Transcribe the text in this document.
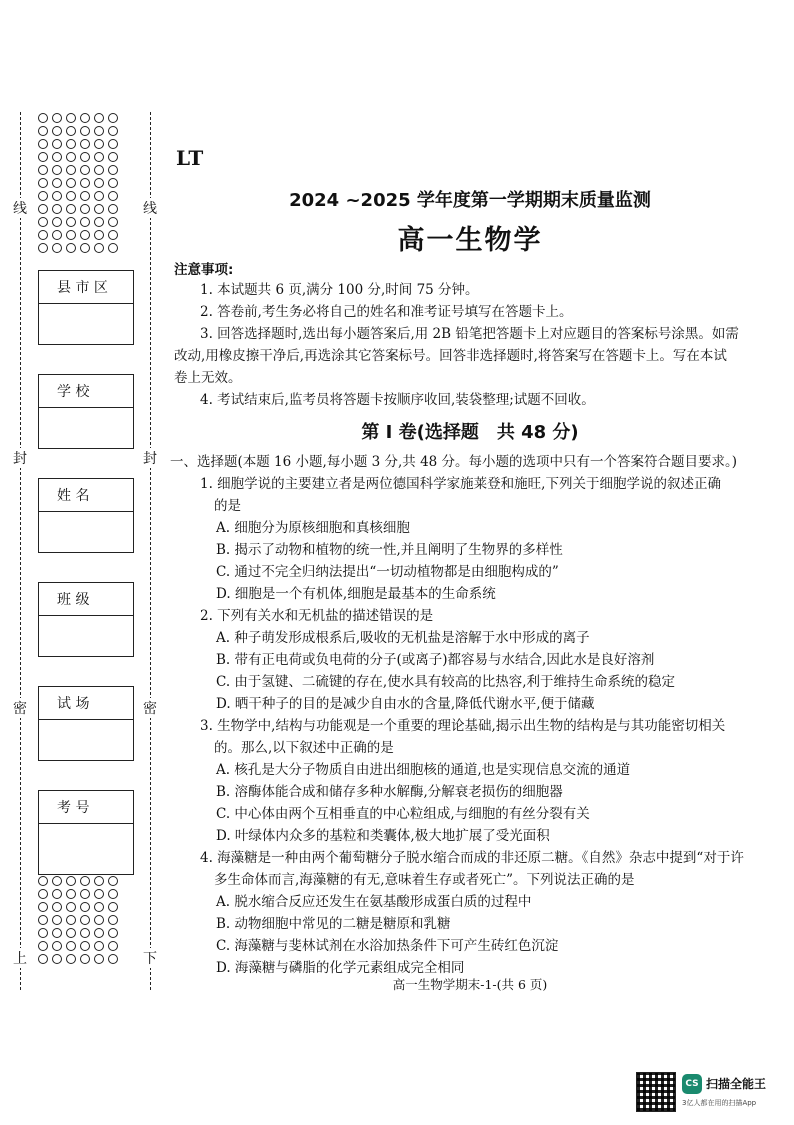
线	线
封	封
密	密
上	下
县 市 区
学 校
姓 名
班 级
试 场
考 号
LT
2024 ~2025 学年度第一学期期末质量监测
高一生物学
注意事项:
1. 本试题共 6 页,满分 100 分,时间 75 分钟。
2. 答卷前,考生务必将自己的姓名和准考证号填写在答题卡上。
3. 回答选择题时,选出每小题答案后,用 2B 铅笔把答题卡上对应题目的答案标号涂黑。如需
改动,用橡皮擦干净后,再选涂其它答案标号。回答非选择题时,将答案写在答题卡上。写在本试
卷上无效。
4. 考试结束后,监考员将答题卡按顺序收回,装袋整理;试题不回收。
第 I 卷(选择题　共 48 分)
一、选择题(本题 16 小题,每小题 3 分,共 48 分。每小题的选项中只有一个答案符合题目要求。)
1. 细胞学说的主要建立者是两位德国科学家施莱登和施旺,下列关于细胞学说的叙述正确
的是
A. 细胞分为原核细胞和真核细胞
B. 揭示了动物和植物的统一性,并且阐明了生物界的多样性
C. 通过不完全归纳法提出“一切动植物都是由细胞构成的”
D. 细胞是一个有机体,细胞是最基本的生命系统
2. 下列有关水和无机盐的描述错误的是
A. 种子萌发形成根系后,吸收的无机盐是溶解于水中形成的离子
B. 带有正电荷或负电荷的分子(或离子)都容易与水结合,因此水是良好溶剂
C. 由于氢键、二硫键的存在,使水具有较高的比热容,利于维持生命系统的稳定
D. 晒干种子的目的是减少自由水的含量,降低代谢水平,便于储藏
3. 生物学中,结构与功能观是一个重要的理论基础,揭示出生物的结构是与其功能密切相关
的。那么,以下叙述中正确的是
A. 核孔是大分子物质自由进出细胞核的通道,也是实现信息交流的通道
B. 溶酶体能合成和储存多种水解酶,分解衰老损伤的细胞器
C. 中心体由两个互相垂直的中心粒组成,与细胞的有丝分裂有关
D. 叶绿体内众多的基粒和类囊体,极大地扩展了受光面积
4. 海藻糖是一种由两个葡萄糖分子脱水缩合而成的非还原二糖。《自然》杂志中提到“对于许
多生命体而言,海藻糖的有无,意味着生存或者死亡”。下列说法正确的是
A. 脱水缩合反应还发生在氨基酸形成蛋白质的过程中
B. 动物细胞中常见的二糖是糖原和乳糖
C. 海藻糖与斐林试剂在水浴加热条件下可产生砖红色沉淀
D. 海藻糖与磷脂的化学元素组成完全相同
高一生物学期末-1-(共 6 页)
CS 扫描全能王
3亿人都在用的扫描App
